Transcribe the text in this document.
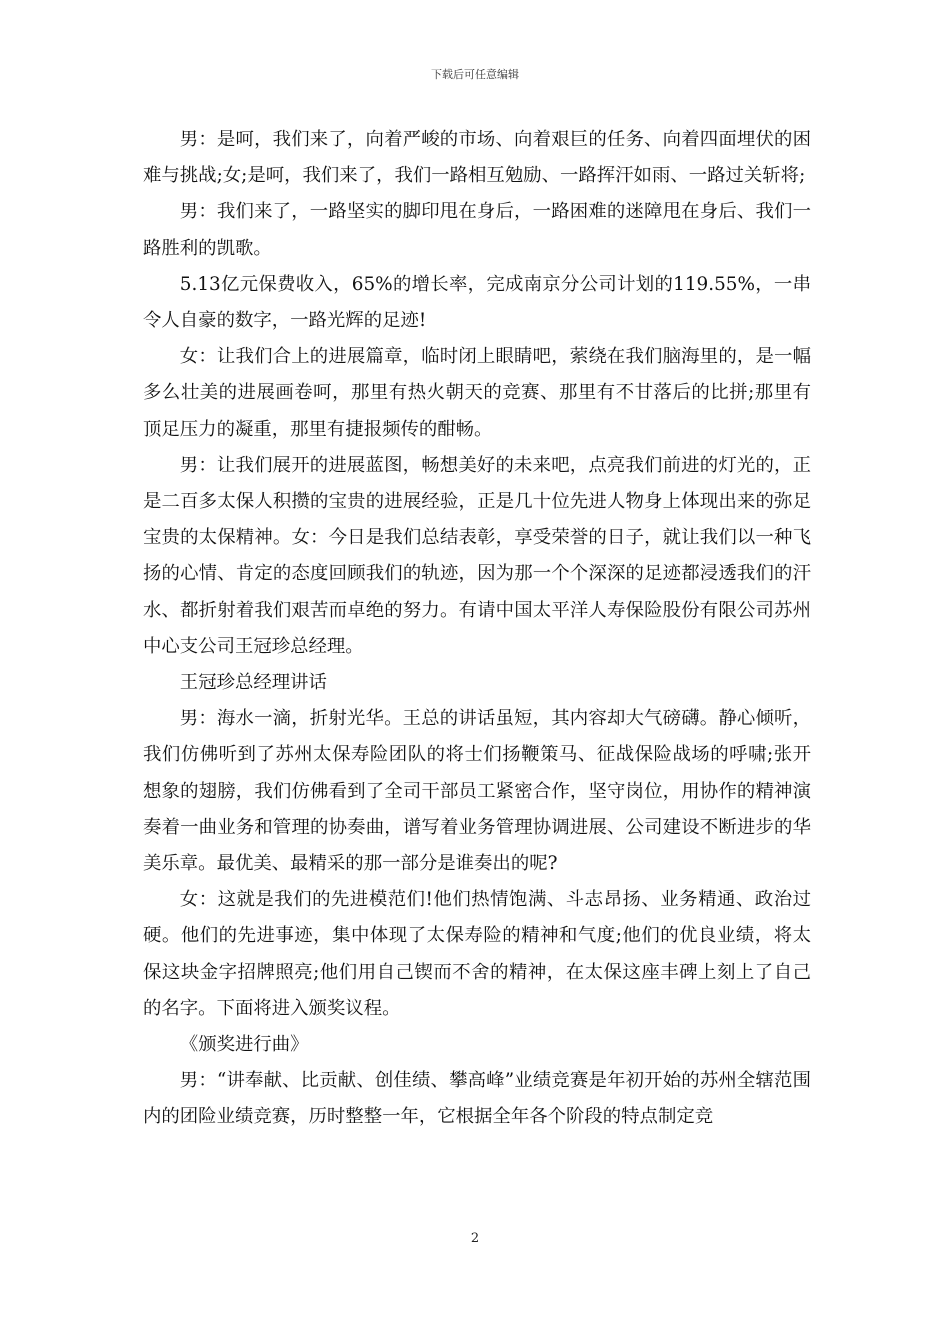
下载后可任意编辑

男：是呵，我们来了，向着严峻的市场、向着艰巨的任务、向着四面埋伏的困难与挑战;女;是呵，我们来了，我们一路相互勉励、一路挥汗如雨、一路过关斩将;

男：我们来了，一路坚实的脚印甩在身后，一路困难的迷障甩在身后、我们一路胜利的凯歌。

5.13亿元保费收入，65%的增长率，完成南京分公司计划的119.55%，一串令人自豪的数字，一路光辉的足迹!

女：让我们合上的进展篇章，临时闭上眼睛吧，萦绕在我们脑海里的，是一幅多么壮美的进展画卷呵，那里有热火朝天的竞赛、那里有不甘落后的比拼;那里有顶足压力的凝重，那里有捷报频传的酣畅。

男：让我们展开的进展蓝图，畅想美好的未来吧，点亮我们前进的灯光的，正是二百多太保人积攒的宝贵的进展经验，正是几十位先进人物身上体现出来的弥足宝贵的太保精神。女：今日是我们总结表彰，享受荣誉的日子，就让我们以一种飞扬的心情、肯定的态度回顾我们的轨迹，因为那一个个深深的足迹都浸透我们的汗水、都折射着我们艰苦而卓绝的努力。有请中国太平洋人寿保险股份有限公司苏州中心支公司王冠珍总经理。

王冠珍总经理讲话

男：海水一滴，折射光华。王总的讲话虽短，其内容却大气磅礴。静心倾听，我们仿佛听到了苏州太保寿险团队的将士们扬鞭策马、征战保险战场的呼啸;张开想象的翅膀，我们仿佛看到了全司干部员工紧密合作，坚守岗位，用协作的精神演奏着一曲业务和管理的协奏曲，谱写着业务管理协调进展、公司建设不断进步的华美乐章。最优美、最精采的那一部分是谁奏出的呢?

女：这就是我们的先进模范们!他们热情饱满、斗志昂扬、业务精通、政治过硬。他们的先进事迹，集中体现了太保寿险的精神和气度;他们的优良业绩，将太保这块金字招牌照亮;他们用自己锲而不舍的精神，在太保这座丰碑上刻上了自己的名字。下面将进入颁奖议程。

《颁奖进行曲》

男：“讲奉献、比贡献、创佳绩、攀高峰”业绩竞赛是年初开始的苏州全辖范围内的团险业绩竞赛，历时整整一年，它根据全年各个阶段的特点制定竞

2
